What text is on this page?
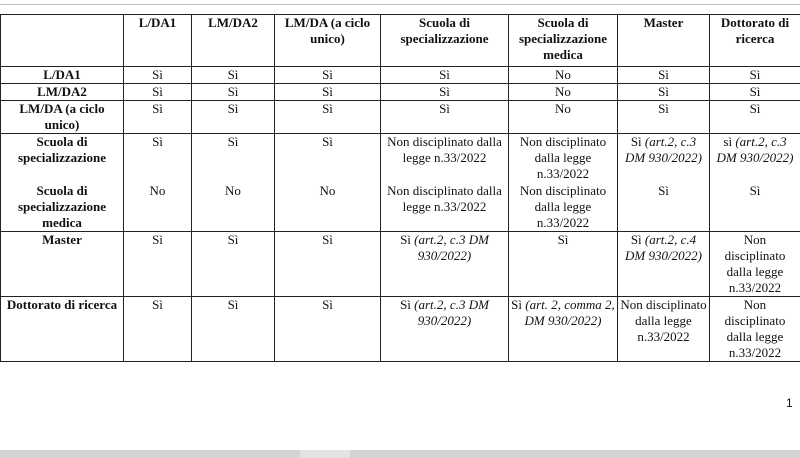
	L/DA1	LM/DA2	LM/DA (a ciclo unico)	Scuola di specializzazione	Scuola di specializzazione medica	Master	Dottorato di ricerca
L/DA1	Sì	Sì	Sì	Sì	No	Sì	Sì
LM/DA2	Sì	Sì	Sì	Sì	No	Sì	Sì
LM/DA (a ciclo unico)	Sì	Sì	Sì	Sì	No	Sì	Sì
Scuola di specializzazione	Sì	Sì	Sì	Non disciplinato dalla legge n.33/2022	Non disciplinato dalla legge n.33/2022	Sì (art.2, c.3 DM 930/2022)	sì (art.2, c.3 DM 930/2022)
Scuola di specializzazione medica	No	No	No	Non disciplinato dalla legge n.33/2022	Non disciplinato dalla legge n.33/2022	Sì	Sì
Master	Sì	Sì	Sì	Sì (art.2, c.3 DM 930/2022)	Sì	Sì (art.2, c.4 DM 930/2022)	Non disciplinato dalla legge n.33/2022
Dottorato di ricerca	Sì	Sì	Sì	Sì (art.2, c.3 DM 930/2022)	Sì (art. 2, comma 2, DM 930/2022)	Non disciplinato dalla legge n.33/2022	Non disciplinato dalla legge n.33/2022
1
